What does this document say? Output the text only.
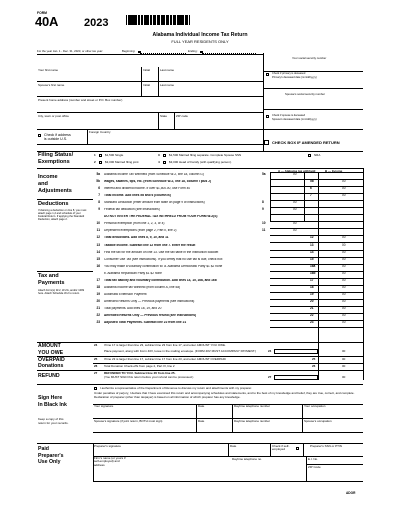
FORM
40A 2023
Alabama Individual Income Tax Return
FULL YEAR RESIDENTS ONLY
For the year Jan. 1 - Dec. 31, 2023, or other tax year:	Beginning:	Ending:
Your social security number
Check if primary is deceased
Primary's deceased date (mm/dd/yyyy)
Spouse's social security number
Check if spouse is deceased
Spouse's deceased date (mm/dd/yyyy)
Your first name	Initial	Last name
Spouse's first name	Initial	Last name
Present home address (number and street or P.O. Box number)
City, town or post office	State	ZIP code
Check if address
is outside U.S.
Foreign Country
CHECK BOX IF AMENDED RETURN
Filing Status/
Exemptions
1	$1,500 Single
2	$3,000 Married filing joint
3	$1,500 Married filing separate. Complete Spouse SSN
4	$3,000 Head of Family (with qualifying person).
NRA
A — Alabama tax withheld	B — Income
Income
and
Adjustments
Deductions
If claiming a deduction on line 8, you must attach page 1,2 and schedule of your Federal Return. If applying the Standard Deduction, attach page 2.
Tax and
Payments
Attach Form(s) W-2, W-2G, and/or 1099 here. Attach Schedule W-2 to return.
5a Alabama Income Tax Withheld (from Schedule W-2, line 18, column G)	5a	00
5b Wages, salaries, tips, etc. (from Schedule W-2, line 18, column I plus J)	5b	00
6 Interest and dividend income. If over $1,500.00, use Form 40	6	00
7 Total income. Add lines 5b and 6 (column B)	7	00
8 Standard Deduction (enter amount from table on page 9 of instructions)	8	00
9 Federal tax deduction (see instructions)	9	00
DO NOT ENTER THE FEDERAL TAX WITHHELD FROM YOUR FORM W-2(S)
10 Personal exemption (from line 1, 2, 3, or 4)	10	00
11 Dependent exemptions (from page 2, Part II, line 2)	11	00
12 Total deductions. Add lines 8, 9, 10, and 11	12	00
13 Taxable income. Subtract line 12 from line 7. Enter the result	13	00
14 Find the tax for the amount on line 13. Use the tax table in the Instruction Booklet	14	00
15 Consumer Use Tax (see instructions). If you certify that no use tax is due, check box	15	00
16 You may make a voluntary contribution to: a. Alabama Democratic Party $1 $2 none	16a	00
b. Alabama Republican Party $1 $2 none	16b	00
17 Total tax liability and voluntary contribution. Add lines 14, 15, 16a, and 16b	17	00
18 Alabama income tax withheld (from column A, line 5a)	18	00
19 Automatic Extension Payment	19	00
20 Amended Returns Only — Previous payments (see instructions)	20	00
21 Total payments. Add lines 18, 19, and 20	21	00
22 Amended Returns Only — Previous refund (see instructions)	22	00
23 Adjusted Total Payments. Subtract line 22 from line 21	23	00
AMOUNT
YOU OWE
24 If line 17 is larger than line 23, subtract line 23 from line 17, and enter AMOUNT YOU OWE.
Place payment, along with Form 40V, loose in the mailing envelope. (FORM 40V MUST ACCOMPANY PAYMENT.)	24	00
OVERPAID
Donations
25 If line 23 is larger than line 17, subtract line 17 from line 23, and enter AMOUNT OVERPAID	25	00
26 Total Donation Check-offs from page 2, Part IV, line 2	26	00
REFUND
27 REFUNDED TO YOU. Subtract line 26 from line 25.
(You MUST SIGN this return before your refund can be processed.)	27	00
Sign Here
In Black Ink
Keep a copy of this return for your records.
I authorize a representative of the Department of Revenue to discuss my return and attachments with my preparer.
Under penalties of perjury, I declare that I have examined this return and accompanying schedules and statements, and to the best of my knowledge and belief, they are true, correct, and complete. Declaration of preparer (other than taxpayer) is based on all information of which preparer has any knowledge.
Your signature	Date	Daytime telephone number	Your occupation
Spouse's signature (if joint return, BOTH must sign)	Date	Daytime telephone number	Spouse's occupation
Paid
Preparer's
Use Only
Preparer's signature	Date	Check if self-employed
Preparer's SSN or PTIN
Firm's name (or yours if self-employed) and address
Daytime telephone no.	E.I. No.
ZIP Code
ADOR
